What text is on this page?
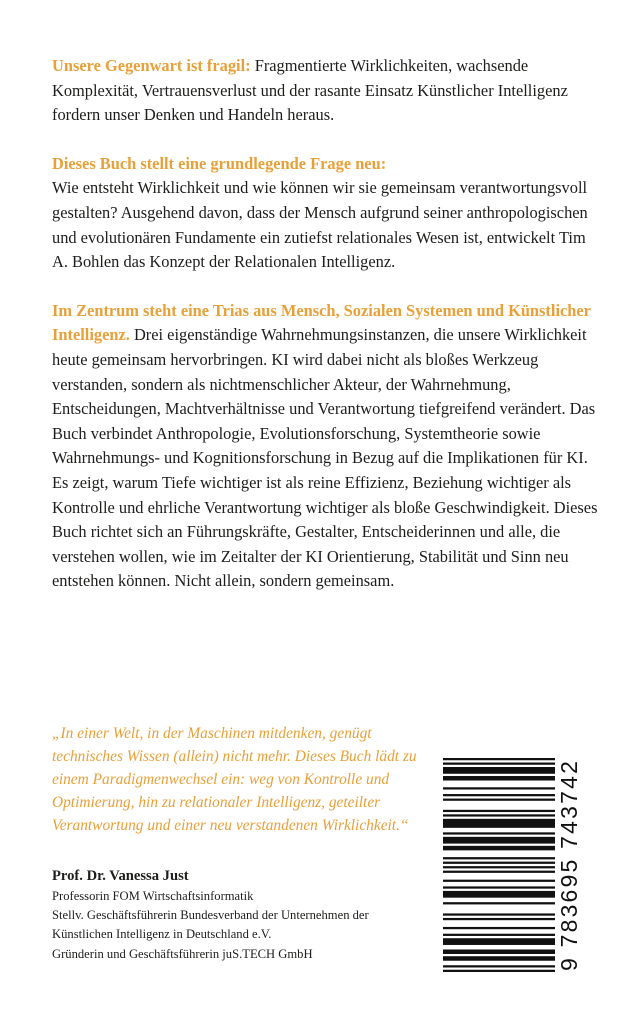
Unsere Gegenwart ist fragil: Fragmentierte Wirklichkeiten, wachsende Komplexität, Vertrauensverlust und der rasante Einsatz Künstlicher Intelligenz fordern unser Denken und Handeln heraus.

Dieses Buch stellt eine grundlegende Frage neu:
Wie entsteht Wirklichkeit und wie können wir sie gemeinsam verantwortungsvoll gestalten? Ausgehend davon, dass der Mensch aufgrund seiner anthropologischen und evolutionären Fundamente ein zutiefst relationales Wesen ist, entwickelt Tim A. Bohlen das Konzept der Relationalen Intelligenz.

Im Zentrum steht eine Trias aus Mensch, Sozialen Systemen und Künstlicher Intelligenz. Drei eigenständige Wahrnehmungsinstanzen, die unsere Wirklichkeit heute gemeinsam hervorbringen. KI wird dabei nicht als bloßes Werkzeug verstanden, sondern als nichtmenschlicher Akteur, der Wahrnehmung, Entscheidungen, Machtverhältnisse und Verantwortung tiefgreifend verändert. Das Buch verbindet Anthropologie, Evolutionsforschung, Systemtheorie sowie Wahrnehmungs- und Kognitionsforschung in Bezug auf die Implikationen für KI. Es zeigt, warum Tiefe wichtiger ist als reine Effizienz, Beziehung wichtiger als Kontrolle und ehrliche Verantwortung wichtiger als bloße Geschwindigkeit. Dieses Buch richtet sich an Führungskräfte, Gestalter, Entscheiderinnen und alle, die verstehen wollen, wie im Zeitalter der KI Orientierung, Stabilität und Sinn neu entstehen können. Nicht allein, sondern gemeinsam.

„In einer Welt, in der Maschinen mitdenken, genügt technisches Wissen (allein) nicht mehr. Dieses Buch lädt zu einem Paradigmenwechsel ein: weg von Kontrolle und Optimierung, hin zu relationaler Intelligenz, geteilter Verantwortung und einer neu verstandenen Wirklichkeit.“
Prof. Dr. Vanessa Just
Professorin FOM Wirtschaftsinformatik
Stellv. Geschäftsführerin Bundesverband der Unternehmen der Künstlichen Intelligenz in Deutschland e.V.
Gründerin und Geschäftsführerin juS.TECH GmbH	9 783695 743742
